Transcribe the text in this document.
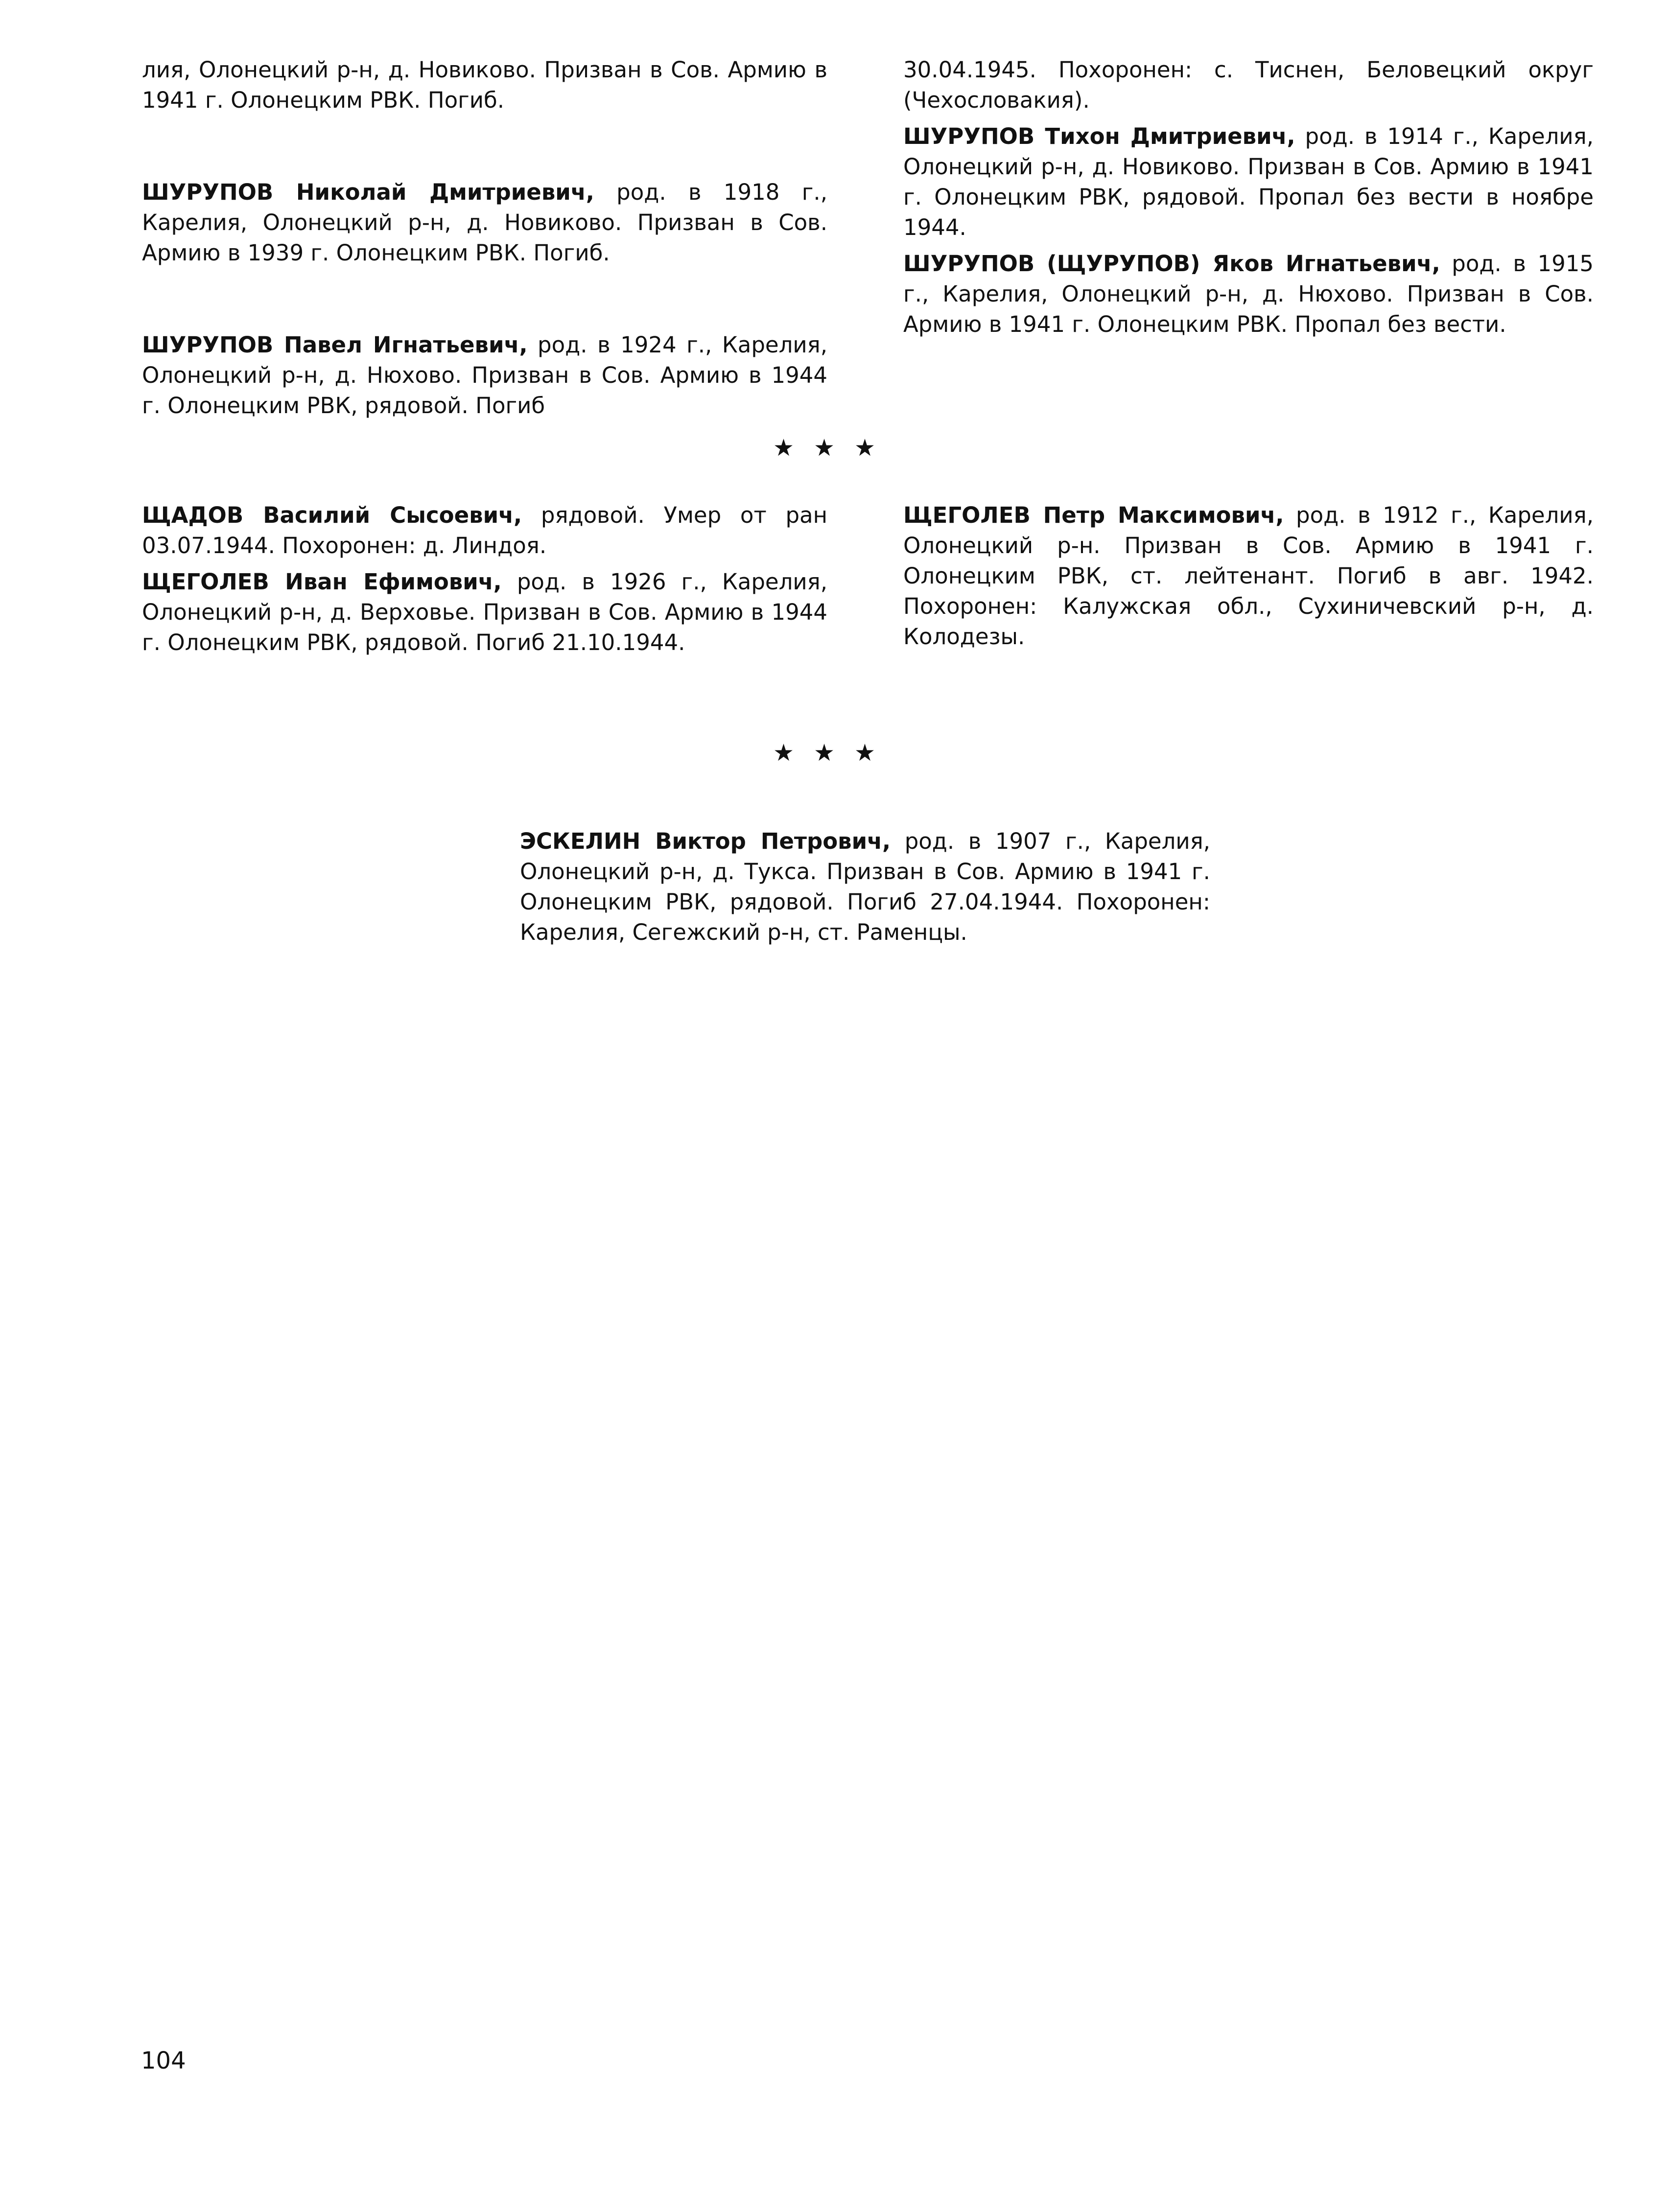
лия, Олонецкий р-н, д. Новиково. Призван в Сов. Армию в 1941 г. Олонецким РВК. Погиб.

ШУРУПОВ Николай Дмитриевич, род. в 1918 г., Карелия, Олонецкий р-н, д. Новиково. Призван в Сов. Армию в 1939 г. Олонецким РВК. Погиб.

ШУРУПОВ Павел Игнатьевич, род. в 1924 г., Карелия, Олонецкий р-н, д. Нюхово. Призван в Сов. Армию в 1944 г. Олонецким РВК, рядовой. Погиб

30.04.1945. Похоронен: с. Тиснен, Беловецкий округ (Чехословакия).

ШУРУПОВ Тихон Дмитриевич, род. в 1914 г., Карелия, Олонецкий р-н, д. Новиково. Призван в Сов. Армию в 1941 г. Олонецким РВК, рядовой. Пропал без вести в ноябре 1944.

ШУРУПОВ (ЩУРУПОВ) Яков Игнатьевич, род. в 1915 г., Карелия, Олонецкий р-н, д. Нюхово. Призван в Сов. Армию в 1941 г. Олонецким РВК. Пропал без вести.

★★★

ЩАДОВ Василий Сысоевич, рядовой. Умер от ран 03.07.1944. Похоронен: д. Линдоя.

ЩЕГОЛЕВ Иван Ефимович, род. в 1926 г., Карелия, Олонецкий р-н, д. Верховье. Призван в Сов. Армию в 1944 г. Олонецким РВК, рядовой. Погиб 21.10.1944.

ЩЕГОЛЕВ Петр Максимович, род. в 1912 г., Карелия, Олонецкий р-н. Призван в Сов. Армию в 1941 г. Олонецким РВК, ст. лейтенант. Погиб в авг. 1942. Похоронен: Калужская обл., Сухиничевский р-н, д. Колодезы.

★★★

ЭСКЕЛИН Виктор Петрович, род. в 1907 г., Карелия, Олонецкий р-н, д. Тукса. Призван в Сов. Армию в 1941 г. Олонецким РВК, рядовой. Погиб 27.04.1944. Похоронен: Карелия, Сегежский р-н, ст. Раменцы.

104
